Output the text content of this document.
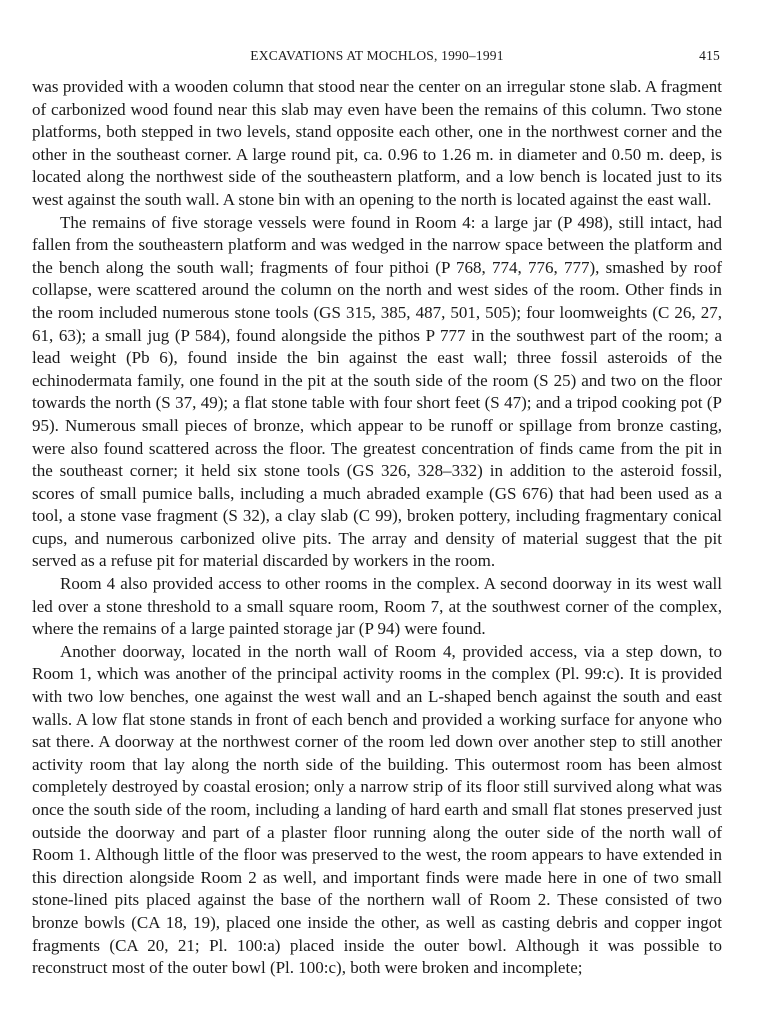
EXCAVATIONS AT MOCHLOS, 1990–1991	415

was provided with a wooden column that stood near the center on an irregular stone slab. A fragment of carbonized wood found near this slab may even have been the remains of this column. Two stone platforms, both stepped in two levels, stand opposite each other, one in the northwest corner and the other in the southeast corner. A large round pit, ca. 0.96 to 1.26 m. in diameter and 0.50 m. deep, is located along the northwest side of the southeastern platform, and a low bench is located just to its west against the south wall. A stone bin with an opening to the north is located against the east wall.

The remains of five storage vessels were found in Room 4: a large jar (P 498), still intact, had fallen from the southeastern platform and was wedged in the narrow space between the platform and the bench along the south wall; fragments of four pithoi (P 768, 774, 776, 777), smashed by roof collapse, were scattered around the column on the north and west sides of the room. Other finds in the room included numerous stone tools (GS 315, 385, 487, 501, 505); four loomweights (C 26, 27, 61, 63); a small jug (P 584), found alongside the pithos P 777 in the southwest part of the room; a lead weight (Pb 6), found inside the bin against the east wall; three fossil asteroids of the echinodermata family, one found in the pit at the south side of the room (S 25) and two on the floor towards the north (S 37, 49); a flat stone table with four short feet (S 47); and a tripod cooking pot (P 95). Numerous small pieces of bronze, which appear to be runoff or spillage from bronze casting, were also found scattered across the floor. The greatest concentration of finds came from the pit in the southeast corner; it held six stone tools (GS 326, 328–332) in addition to the asteroid fossil, scores of small pumice balls, including a much abraded example (GS 676) that had been used as a tool, a stone vase fragment (S 32), a clay slab (C 99), broken pottery, including fragmentary conical cups, and numerous carbonized olive pits. The array and density of material suggest that the pit served as a refuse pit for material discarded by workers in the room.

Room 4 also provided access to other rooms in the complex. A second doorway in its west wall led over a stone threshold to a small square room, Room 7, at the southwest corner of the complex, where the remains of a large painted storage jar (P 94) were found.

Another doorway, located in the north wall of Room 4, provided access, via a step down, to Room 1, which was another of the principal activity rooms in the complex (Pl. 99:c). It is provided with two low benches, one against the west wall and an L-shaped bench against the south and east walls. A low flat stone stands in front of each bench and provided a working surface for anyone who sat there. A doorway at the northwest corner of the room led down over another step to still another activity room that lay along the north side of the building. This outermost room has been almost completely destroyed by coastal erosion; only a narrow strip of its floor still survived along what was once the south side of the room, including a landing of hard earth and small flat stones preserved just outside the doorway and part of a plaster floor running along the outer side of the north wall of Room 1. Although little of the floor was preserved to the west, the room appears to have extended in this direction alongside Room 2 as well, and important finds were made here in one of two small stone-lined pits placed against the base of the northern wall of Room 2. These consisted of two bronze bowls (CA 18, 19), placed one inside the other, as well as casting debris and copper ingot fragments (CA 20, 21; Pl. 100:a) placed inside the outer bowl. Although it was possible to reconstruct most of the outer bowl (Pl. 100:c), both were broken and incomplete;
